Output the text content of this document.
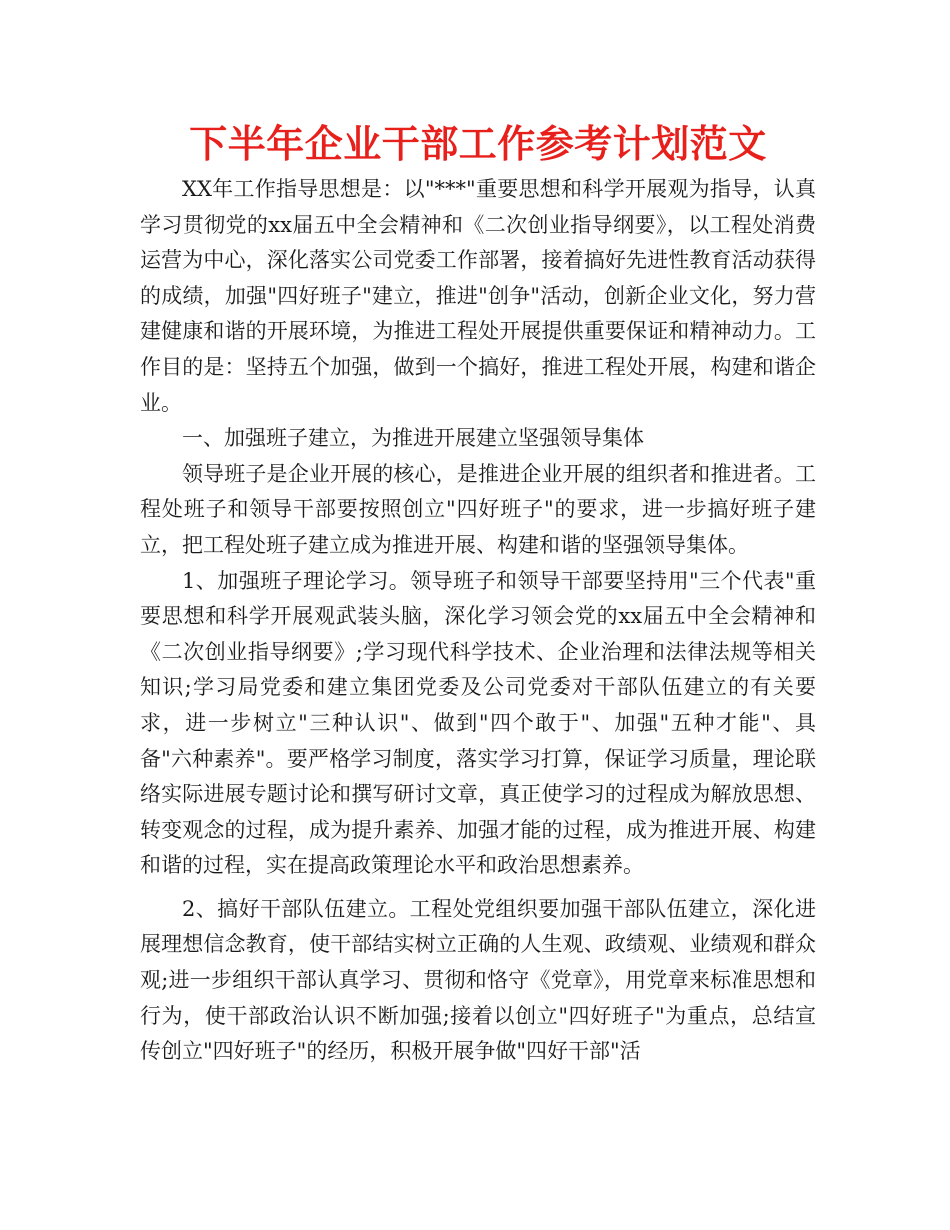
下半年企业干部工作参考计划范文

XX年工作指导思想是：以"***"重要思想和科学开展观为指导，认真学习贯彻党的xx届五中全会精神和《二次创业指导纲要》，以工程处消费运营为中心，深化落实公司党委工作部署，接着搞好先进性教育活动获得的成绩，加强"四好班子"建立，推进"创争"活动，创新企业文化，努力营建健康和谐的开展环境，为推进工程处开展提供重要保证和精神动力。工作目的是：坚持五个加强，做到一个搞好，推进工程处开展，构建和谐企业。

一、加强班子建立，为推进开展建立坚强领导集体

领导班子是企业开展的核心，是推进企业开展的组织者和推进者。工程处班子和领导干部要按照创立"四好班子"的要求，进一步搞好班子建立，把工程处班子建立成为推进开展、构建和谐的坚强领导集体。

1、加强班子理论学习。领导班子和领导干部要坚持用"三个代表"重要思想和科学开展观武装头脑，深化学习领会党的xx届五中全会精神和《二次创业指导纲要》;学习现代科学技术、企业治理和法律法规等相关知识;学习局党委和建立集团党委及公司党委对干部队伍建立的有关要求，进一步树立"三种认识"、做到"四个敢于"、加强"五种才能"、具备"六种素养"。要严格学习制度，落实学习打算，保证学习质量，理论联络实际进展专题讨论和撰写研讨文章，真正使学习的过程成为解放思想、转变观念的过程，成为提升素养、加强才能的过程，成为推进开展、构建和谐的过程，实在提高政策理论水平和政治思想素养。

2、搞好干部队伍建立。工程处党组织要加强干部队伍建立，深化进展理想信念教育，使干部结实树立正确的人生观、政绩观、业绩观和群众观;进一步组织干部认真学习、贯彻和恪守《党章》，用党章来标准思想和行为，使干部政治认识不断加强;接着以创立"四好班子"为重点，总结宣传创立"四好班子"的经历，积极开展争做"四好干部"活
